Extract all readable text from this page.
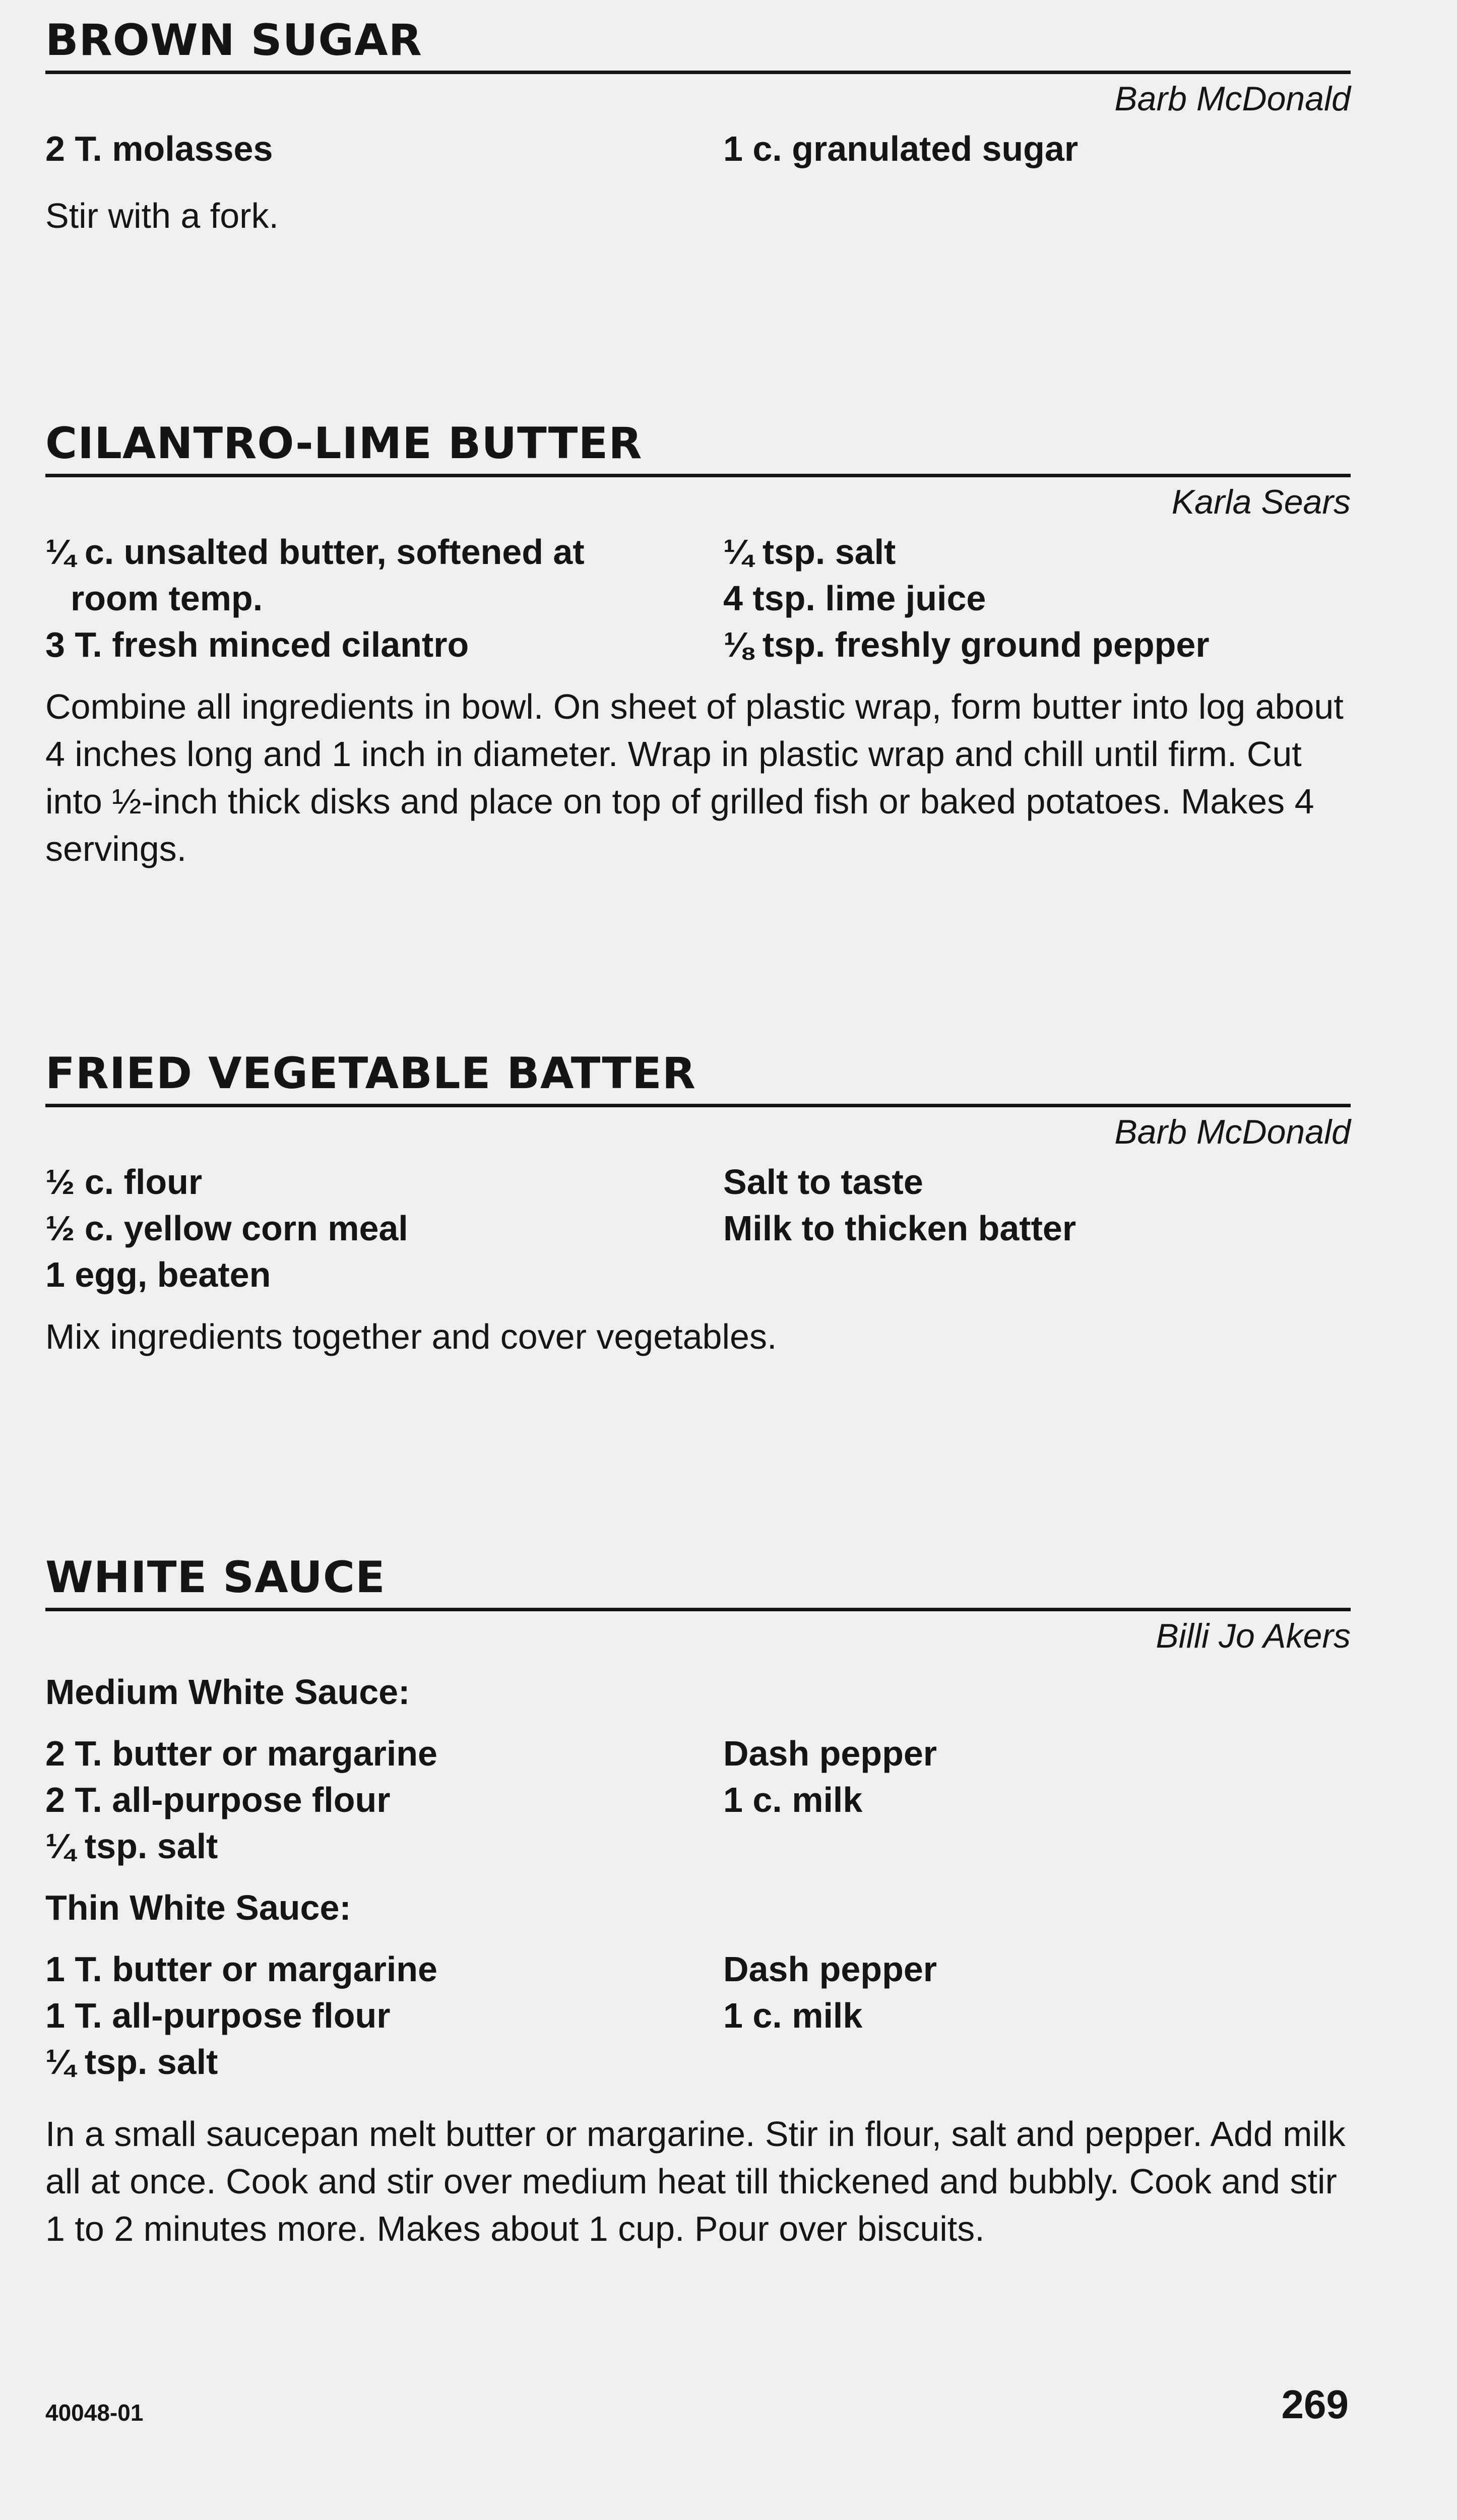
BROWN SUGAR
Barb McDonald
2 T. molasses	1 c. granulated sugar
Stir with a fork.
CILANTRO-LIME BUTTER
Karla Sears
¼ c. unsalted butter, softened at room temp.
3 T. fresh minced cilantro
¼ tsp. salt
4 tsp. lime juice
⅛ tsp. freshly ground pepper
Combine all ingredients in bowl. On sheet of plastic wrap, form butter into log about 4 inches long and 1 inch in diameter. Wrap in plastic wrap and chill until firm. Cut into ½-inch thick disks and place on top of grilled fish or baked potatoes. Makes 4 servings.
FRIED VEGETABLE BATTER
Barb McDonald
½ c. flour
½ c. yellow corn meal
1 egg, beaten
Salt to taste
Milk to thicken batter
Mix ingredients together and cover vegetables.
WHITE SAUCE
Billi Jo Akers
Medium White Sauce:
2 T. butter or margarine
2 T. all-purpose flour
¼ tsp. salt
Dash pepper
1 c. milk
Thin White Sauce:
1 T. butter or margarine
1 T. all-purpose flour
¼ tsp. salt
Dash pepper
1 c. milk
In a small saucepan melt butter or margarine. Stir in flour, salt and pepper. Add milk all at once. Cook and stir over medium heat till thickened and bubbly. Cook and stir 1 to 2 minutes more. Makes about 1 cup. Pour over biscuits.
40048-01	269
